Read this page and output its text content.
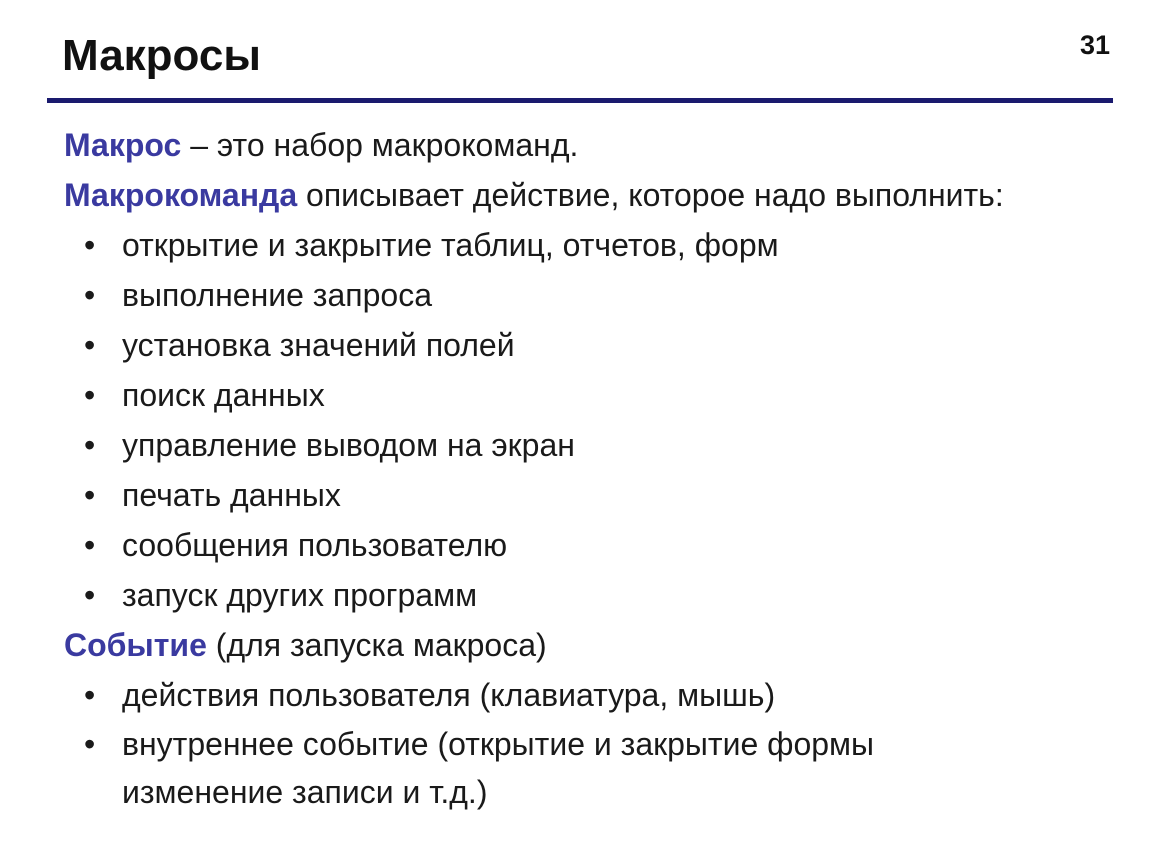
Макросы	31
Макрос – это набор макрокоманд.
Макрокоманда описывает действие, которое надо выполнить:
• открытие и закрытие таблиц, отчетов, форм
• выполнение запроса
• установка значений полей
• поиск данных
• управление выводом на экран
• печать данных
• сообщения пользователю
• запуск других программ
Событие (для запуска макроса)
• действия пользователя (клавиатура, мышь)
• внутреннее событие (открытие и закрытие формы изменение записи и т.д.)
